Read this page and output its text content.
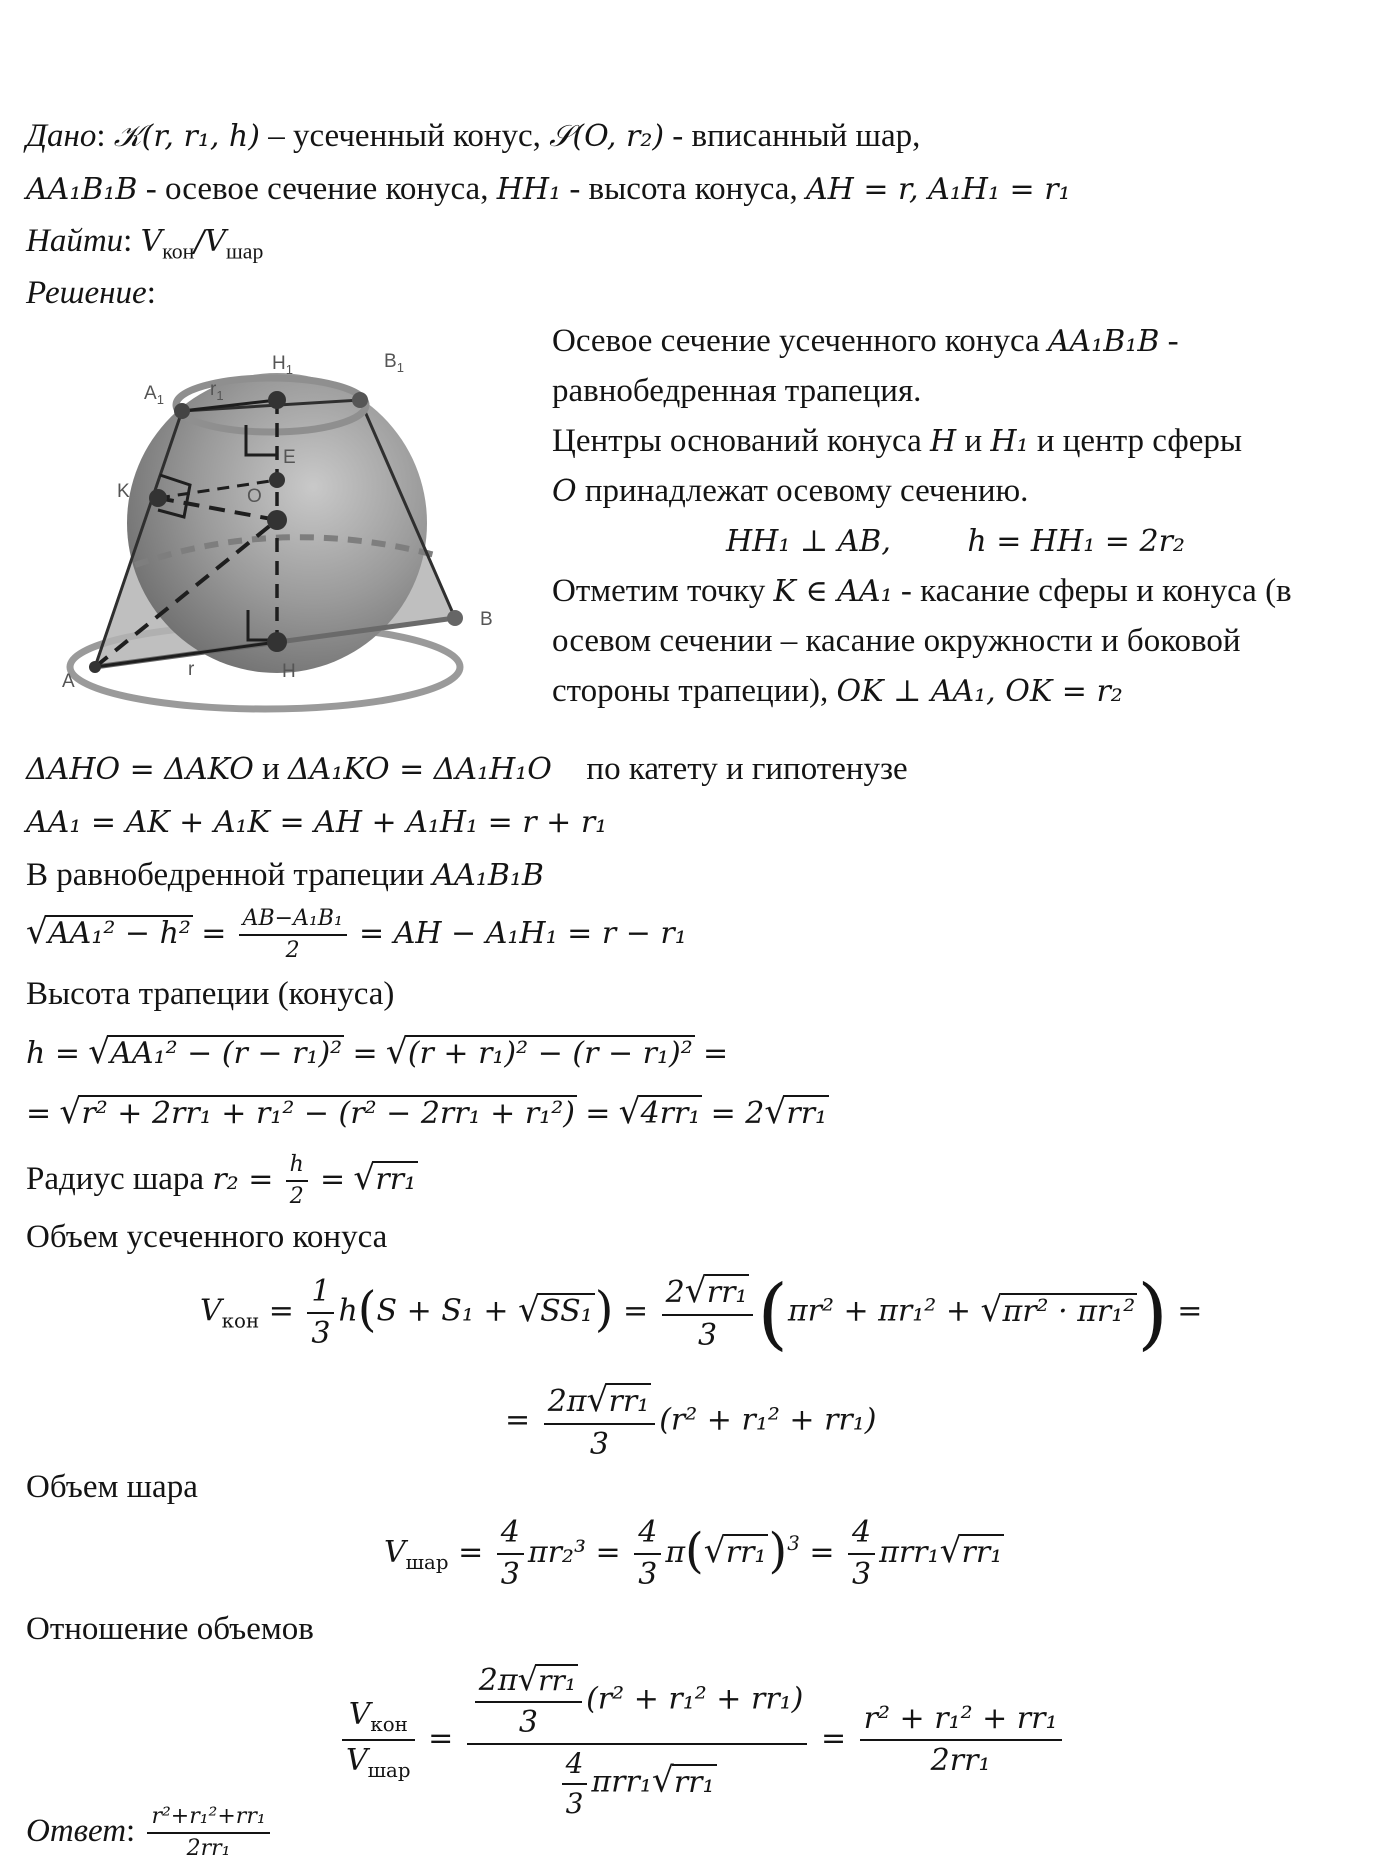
Дано: 𝒦(r, r₁, h) – усеченный конус, 𝒮(O, r₂) - вписанный шар,
AA₁B₁B - осевое сечение конуса, HH₁ - высота конуса, AH = r, A₁H₁ = r₁
Найти: $V_{кон}/V_{шар}$
Решение:
$A_1$
$H_1$	$B_1$
$r_1$
E
K	O
A
r	H
B
Осевое сечение усеченного конуса AA₁B₁B -
равнобедренная трапеция.
Центры оснований конуса H и H₁ и центр сферы
O принадлежат осевому сечению.
HH₁ ⊥ AB,	h = HH₁ = 2r₂
Отметим точку K ∈ AA₁ - касание сферы и конуса (в
осевом сечении – касание окружности и боковой
стороны трапеции), OK ⊥ AA₁, OK = r₂
ΔAHO = ΔAKO и ΔA₁KO = ΔA₁H₁O по катету и гипотенузе
AA₁ = AK + A₁K = AH + A₁H₁ = r + r₁
В равнобедренной трапеции AA₁B₁B
$√AA_1^2 - h^2 = \frac{\text{AB−A₁B₁}}{2}$ = AH − A₁H₁ = r − r₁
Высота трапеции (конуса)
h = √AA₁² − (r − r₁)² = √(r + r₁)² − (r − r₁)² =
= √r² + 2rr₁ + r₁² − (r² − 2rr₁ + r₁²) = √4rr₁ = 2√rr₁
Радиус шара $r_2 = \frac{h}{2} = √rr_1$
Объем усеченного конуса
$V_{кон} = \frac{1}{3} h(S + S_1 + √SS_1) = \frac{\text{2√rr₁}}{3} (\pi r^2 + \pi r_1^2 + √\pi r^2 \cdot \pi r_1^2)$ =
= $\frac{\text{2π√rr₁}}{3} (r^2 + r_1^2 + rr_1)$
Объем шара
$V_{шар} = \frac{4}{3} \pi r_2^3 = \frac{4}{3} \pi(√rr_1)^3 = \frac{4}{3} \pi rr_1√rr_1$
Отношение объемов
$\frac{V_{кон}}{V_{шар}} = \frac{\frac{\text{2π√rr₁}}{3} (r^2 + r_1^2 + rr_1)}{\frac{4}{3} \pi rr_1√rr_1} = \frac{\text{r² + r₁² + rr₁}}{\text{2rr₁}}$
Ответ: $\frac{\text{r²+r₁²+rr₁}}{\text{2rr₁}}$
